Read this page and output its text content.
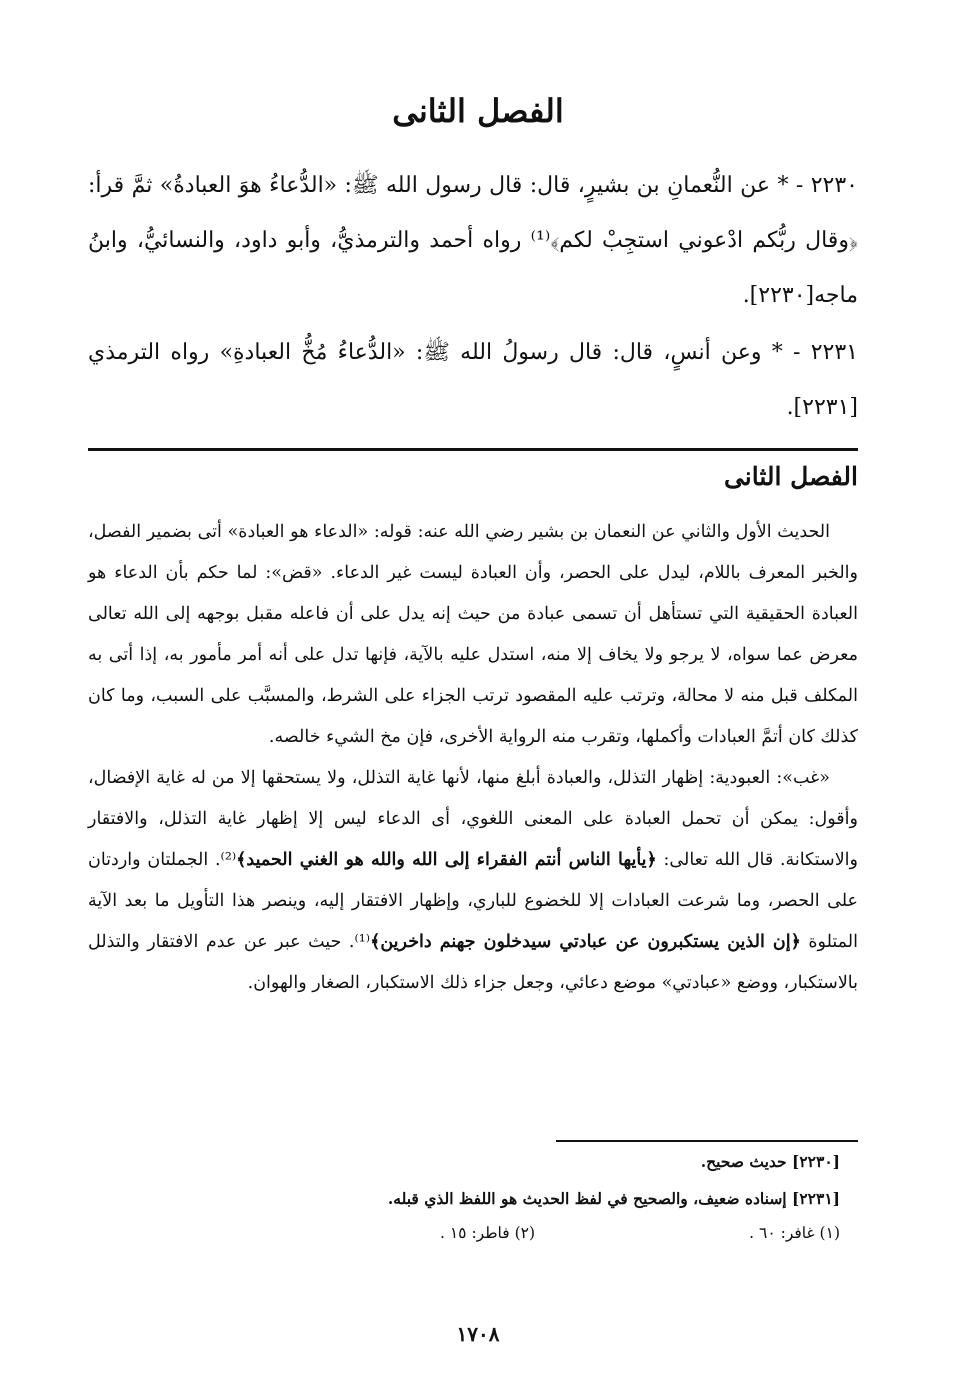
الفصل الثانى
٢٢٣٠ - * عن النُّعمانِ بن بشيرٍ، قال: قال رسول الله ﷺ: «الدُّعاءُ هوَ العبادةُ» ثمَّ قرأ: ﴿وقال ربُّكم ادْعوني استجِبْ لكم﴾⁽¹⁾ رواه أحمد والترمذيُّ، وأبو داود، والنسائيُّ، وابنُ ماجه[٢٢٣٠].
٢٢٣١ - * وعن أنسٍ، قال: قال رسولُ الله ﷺ: «الدُّعاءُ مُخُّ العبادةِ» رواه الترمذي [٢٢٣١].
الفصل الثانى

الحديث الأول والثاني عن النعمان بن بشير رضي الله عنه: قوله: «الدعاء هو العبادة» أتى بضمير الفصل، والخبر المعرف باللام، ليدل على الحصر، وأن العبادة ليست غير الدعاء. «قض»: لما حكم بأن الدعاء هو العبادة الحقيقية التي تستأهل أن تسمى عبادة من حيث إنه يدل على أن فاعله مقبل بوجهه إلى الله تعالى معرض عما سواه، لا يرجو ولا يخاف إلا منه، استدل عليه بالآية، فإنها تدل على أنه أمر مأمور به، إذا أتى به المكلف قبل منه لا محالة، وترتب عليه المقصود ترتب الجزاء على الشرط، والمسبَّب على السبب، وما كان كذلك كان أتمَّ العبادات وأكملها، وتقرب منه الرواية الأخرى، فإن مخ الشيء خالصه.

«غب»: العبودية: إظهار التذلل، والعبادة أبلغ منها، لأنها غاية التذلل، ولا يستحقها إلا من له غاية الإفضال، وأقول: يمكن أن تحمل العبادة على المعنى اللغوي، أى الدعاء ليس إلا إظهار غاية التذلل، والافتقار والاستكانة. قال الله تعالى: ﴿يأيها الناس أنتم الفقراء إلى الله والله هو الغني الحميد﴾⁽²⁾. الجملتان واردتان على الحصر، وما شرعت العبادات إلا للخضوع للباري، وإظهار الافتقار إليه، وينصر هذا التأويل ما بعد الآية المتلوة ﴿إن الذين يستكبرون عن عبادتي سيدخلون جهنم داخرين﴾⁽¹⁾. حيث عبر عن عدم الافتقار والتذلل بالاستكبار، ووضع «عبادتي» موضع دعائي، وجعل جزاء ذلك الاستكبار، الصغار والهوان.

[٢٢٣٠] حديث صحيح.
[٢٢٣١] إسناده ضعيف، والصحيح في لفظ الحديث هو اللفظ الذي قبله.
(١) غافر: ٦٠ .
(٢) فاطر: ١٥ .
١٧٠٨
